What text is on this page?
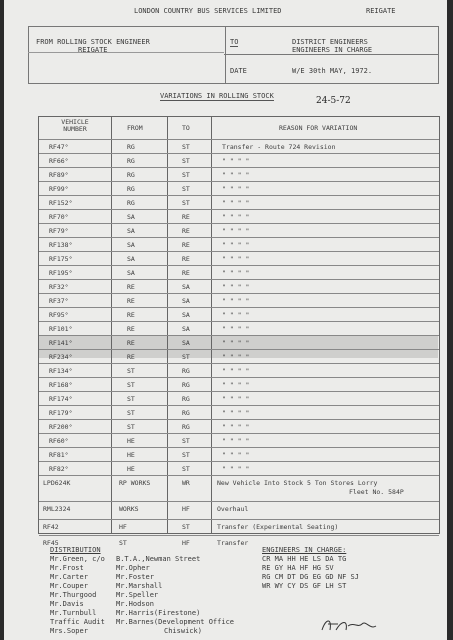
LONDON COUNTRY BUS SERVICES LIMITED	REIGATE
FROM ROLLING STOCK ENGINEER
REIGATE
TO	DISTRICT ENGINEERS
ENGINEERS IN CHARGE
DATE	W/E 30th MAY, 1972.
VARIATIONS IN ROLLING STOCK	24-5-72
VEHICLE NUMBER	FROM	TO	REASON FOR VARIATION
RF47°	RG	ST	Transfer - Route 724 Revision
RF66°	RG	ST	" " " "
RF89°	RG	ST	" " " "
RF99°	RG	ST	" " " "
RF152°	RG	ST	" " " "
RF70°	SA	RE	" " " "
RF79°	SA	RE	" " " "
RF138°	SA	RE	" " " "
RF175°	SA	RE	" " " "
RF195°	SA	RE	" " " "
RF32°	RE	SA	" " " "
RF37°	RE	SA	" " " "
RF95°	RE	SA	" " " "
RF101°	RE	SA	" " " "
RF141°	RE	SA	" " " "
RF234°	RE	ST	" " " "
RF134°	ST	RG	" " " "
RF168°	ST	RG	" " " "
RF174°	ST	RG	" " " "
RF179°	ST	RG	" " " "
RF200°	ST	RG	" " " "
RF60°	HE	ST	" " " "
RF81°	HE	ST	" " " "
RF82°	HE	ST	" " " "
LPD624K	RP WORKS	WR	New Vehicle Into Stock 5 Ton Stores Lorry
Fleet No. 584P
RML2324	WORKS	HF	Overhaul
RF42	HF	ST	Transfer (Experimental Seating)
RF45	ST	HF	Transfer
DISTRIBUTION	ENGINEERS IN CHARGE:
Mr.Green, c/o
Mr.Frost
Mr.Carter
Mr.Couper
Mr.Thurgood
Mr.Davis
Mr.Turnbull
Traffic Audit
Mrs.Soper
B.T.A.,Newman Street
Mr.Opher
Mr.Foster
Mr.Marshall
Mr.Speller
Mr.Hodson
Mr.Harris(Firestone)
Mr.Barnes(Development Office
Chiswick)
CR MA HH HE LS DA TG
RE GY HA HF HG SV
RG CM DT DG EG GD NF SJ
WR WY CY DS GF LH ST
